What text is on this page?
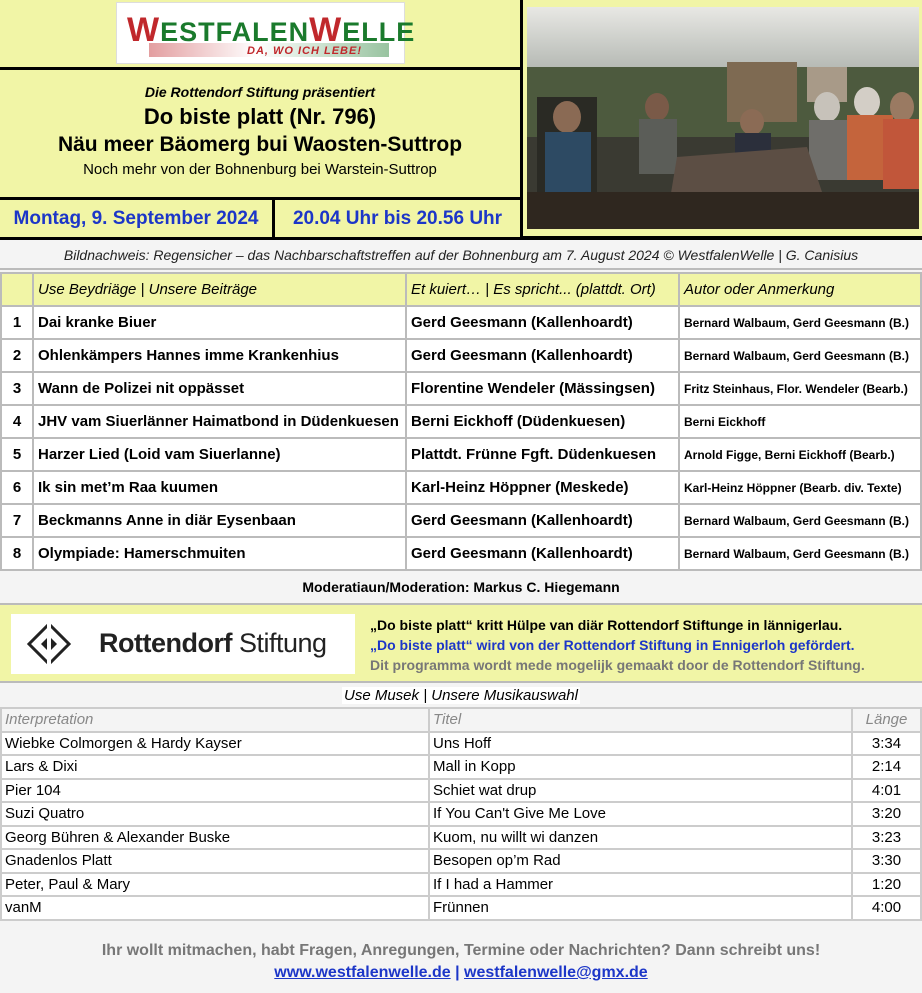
WESTFALENWELLE
DA, WO ICH LEBE!
Die Rottendorf Stiftung präsentiert
Do biste platt (Nr. 796)
Näu meer Bäomerg bui Waosten-Suttrop
Noch mehr von der Bohnenburg bei Warstein-Suttrop
Montag, 9. September 2024	20.04 Uhr bis 20.56 Uhr
Bildnachweis: Regensicher – das Nachbarschaftstreffen auf der Bohnenburg am 7. August 2024 © WestfalenWelle | G. Canisius
	Use Beydriäge | Unsere Beiträge	Et kuiert… | Es spricht... (plattdt. Ort)	Autor oder Anmerkung
1	Dai kranke Biuer	Gerd Geesmann (Kallenhoardt)	Bernard Walbaum, Gerd Geesmann (B.)
2	Ohlenkämpers Hannes imme Krankenhius	Gerd Geesmann (Kallenhoardt)	Bernard Walbaum, Gerd Geesmann (B.)
3	Wann de Polizei nit oppässet	Florentine Wendeler (Mässingsen)	Fritz Steinhaus, Flor. Wendeler (Bearb.)
4	JHV vam Siuerlänner Haimatbond in Düdenkuesen	Berni Eickhoff (Düdenkuesen)	Berni Eickhoff
5	Harzer Lied (Loid vam Siuerlanne)	Plattdt. Frünne Fgft. Düdenkuesen	Arnold Figge, Berni Eickhoff (Bearb.)
6	Ik sin met’m Raa kuumen	Karl-Heinz Höppner (Meskede)	Karl-Heinz Höppner (Bearb. div. Texte)
7	Beckmanns Anne in diär Eysenbaan	Gerd Geesmann (Kallenhoardt)	Bernard Walbaum, Gerd Geesmann (B.)
8	Olympiade: Hamerschmuiten	Gerd Geesmann (Kallenhoardt)	Bernard Walbaum, Gerd Geesmann (B.)
Moderatiaun/Moderation: Markus C. Hiegemann
Rottendorf Stiftung
„Do biste platt“ kritt Hülpe van diär Rottendorf Stiftunge in lännigerlau.
„Do biste platt“ wird von der Rottendorf Stiftung in Ennigerloh gefördert.
Dit programma wordt mede mogelijk gemaakt door de Rottendorf Stiftung.
Use Musek | Unsere Musikauswahl
Interpretation	Titel	Länge
Wiebke Colmorgen & Hardy Kayser	Uns Hoff	3:34
Lars & Dixi	Mall in Kopp	2:14
Pier 104	Schiet wat drup	4:01
Suzi Quatro	If You Can't Give Me Love	3:20
Georg Bühren & Alexander Buske	Kuom, nu willt wi danzen	3:23
Gnadenlos Platt	Besopen op’m Rad	3:30
Peter, Paul & Mary	If I had a Hammer	1:20
vanM	Frünnen	4:00
Ihr wollt mitmachen, habt Fragen, Anregungen, Termine oder Nachrichten? Dann schreibt uns!
www.westfalenwelle.de | westfalenwelle@gmx.de
